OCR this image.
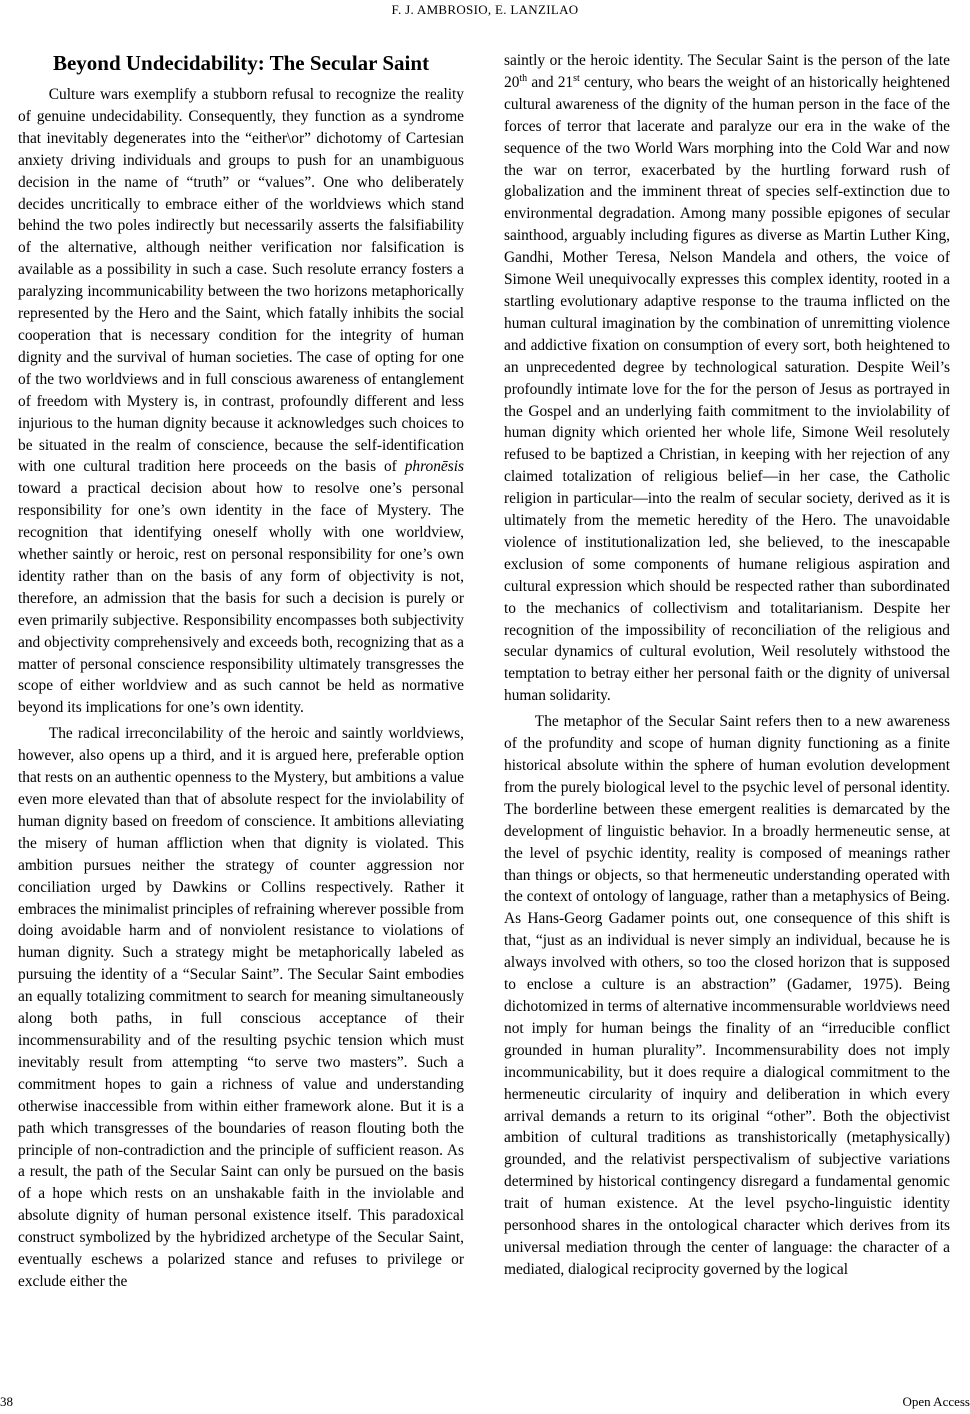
F. J. AMBROSIO, E. LANZILAO
Beyond Undecidability: The Secular Saint

Culture wars exemplify a stubborn refusal to recognize the reality of genuine undecidability. Consequently, they function as a syndrome that inevitably degenerates into the “either\or” dichotomy of Cartesian anxiety driving individuals and groups to push for an unambiguous decision in the name of “truth” or “values”. One who deliberately decides uncritically to embrace either of the worldviews which stand behind the two poles indirectly but necessarily asserts the falsifiability of the alternative, although neither verification nor falsification is available as a possibility in such a case. Such resolute errancy fosters a paralyzing incommunicability between the two horizons metaphorically represented by the Hero and the Saint, which fatally inhibits the social cooperation that is necessary condition for the integrity of human dignity and the survival of human societies. The case of opting for one of the two worldviews and in full conscious awareness of entanglement of freedom with Mystery is, in contrast, profoundly different and less injurious to the human dignity because it acknowledges such choices to be situated in the realm of conscience, because the self-identification with one cultural tradition here proceeds on the basis of phronēsis toward a practical decision about how to resolve one’s personal responsibility for one’s own identity in the face of Mystery. The recognition that identifying oneself wholly with one worldview, whether saintly or heroic, rest on personal responsibility for one’s own identity rather than on the basis of any form of objectivity is not, therefore, an admission that the basis for such a decision is purely or even primarily subjective. Responsibility encompasses both subjectivity and objectivity comprehensively and exceeds both, recognizing that as a matter of personal conscience responsibility ultimately transgresses the scope of either worldview and as such cannot be held as normative beyond its implications for one’s own identity.

The radical irreconcilability of the heroic and saintly worldviews, however, also opens up a third, and it is argued here, preferable option that rests on an authentic openness to the Mystery, but ambitions a value even more elevated than that of absolute respect for the inviolability of human dignity based on freedom of conscience. It ambitions alleviating the misery of human affliction when that dignity is violated. This ambition pursues neither the strategy of counter aggression nor conciliation urged by Dawkins or Collins respectively. Rather it embraces the minimalist principles of refraining wherever possible from doing avoidable harm and of nonviolent resistance to violations of human dignity. Such a strategy might be metaphorically labeled as pursuing the identity of a “Secular Saint”. The Secular Saint embodies an equally totalizing commitment to search for meaning simultaneously along both paths, in full conscious acceptance of their incommensurability and of the resulting psychic tension which must inevitably result from attempting “to serve two masters”. Such a commitment hopes to gain a richness of value and understanding otherwise inaccessible from within either framework alone. But it is a path which transgresses of the boundaries of reason flouting both the principle of non-contradiction and the principle of sufficient reason. As a result, the path of the Secular Saint can only be pursued on the basis of a hope which rests on an unshakable faith in the inviolable and absolute dignity of human personal existence itself. This paradoxical construct symbolized by the hybridized archetype of the Secular Saint, eventually eschews a polarized stance and refuses to privilege or exclude either the

saintly or the heroic identity. The Secular Saint is the person of the late 20th and 21st century, who bears the weight of an historically heightened cultural awareness of the dignity of the human person in the face of the forces of terror that lacerate and paralyze our era in the wake of the sequence of the two World Wars morphing into the Cold War and now the war on terror, exacerbated by the hurtling forward rush of globalization and the imminent threat of species self-extinction due to environmental degradation. Among many possible epigones of secular sainthood, arguably including figures as diverse as Martin Luther King, Gandhi, Mother Teresa, Nelson Mandela and others, the voice of Simone Weil unequivocally expresses this complex identity, rooted in a startling evolutionary adaptive response to the trauma inflicted on the human cultural imagination by the combination of unremitting violence and addictive fixation on consumption of every sort, both heightened to an unprecedented degree by technological saturation. Despite Weil’s profoundly intimate love for the for the person of Jesus as portrayed in the Gospel and an underlying faith commitment to the inviolability of human dignity which oriented her whole life, Simone Weil resolutely refused to be baptized a Christian, in keeping with her rejection of any claimed totalization of religious belief—in her case, the Catholic religion in particular—into the realm of secular society, derived as it is ultimately from the memetic heredity of the Hero. The unavoidable violence of institutionalization led, she believed, to the inescapable exclusion of some components of humane religious aspiration and cultural expression which should be respected rather than subordinated to the mechanics of collectivism and totalitarianism. Despite her recognition of the impossibility of reconciliation of the religious and secular dynamics of cultural evolution, Weil resolutely withstood the temptation to betray either her personal faith or the dignity of universal human solidarity.

The metaphor of the Secular Saint refers then to a new awareness of the profundity and scope of human dignity functioning as a finite historical absolute within the sphere of human evolution development from the purely biological level to the psychic level of personal identity. The borderline between these emergent realities is demarcated by the development of linguistic behavior. In a broadly hermeneutic sense, at the level of psychic identity, reality is composed of meanings rather than things or objects, so that hermeneutic understanding operated with the context of ontology of language, rather than a metaphysics of Being. As Hans-Georg Gadamer points out, one consequence of this shift is that, “just as an individual is never simply an individual, because he is always involved with others, so too the closed horizon that is supposed to enclose a culture is an abstraction” (Gadamer, 1975). Being dichotomized in terms of alternative incommensurable worldviews need not imply for human beings the finality of an “irreducible conflict grounded in human plurality”. Incommensurability does not imply incommunicability, but it does require a dialogical commitment to the hermeneutic circularity of inquiry and deliberation in which every arrival demands a return to its original “other”. Both the objectivist ambition of cultural traditions as transhistorically (metaphysically) grounded, and the relativist perspectivalism of subjective variations determined by historical contingency disregard a fundamental genomic trait of human existence. At the level psycho-linguistic identity personhood shares in the ontological character which derives from its universal mediation through the center of language: the character of a mediated, dialogical reciprocity governed by the logical

38	Open Access
